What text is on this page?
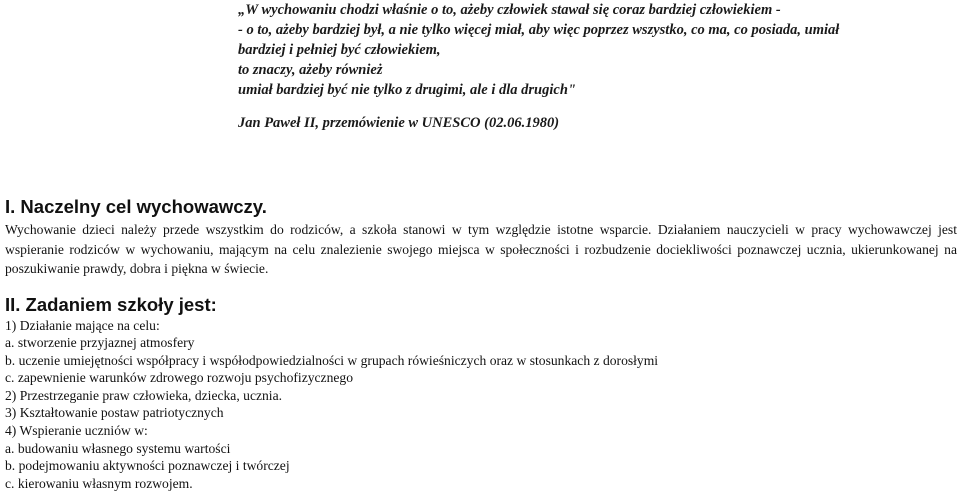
„W wychowaniu chodzi właśnie o to, ażeby człowiek stawał się coraz bardziej człowiekiem -
- o to, ażeby bardziej był, a nie tylko więcej miał, aby więc poprzez wszystko, co ma, co posiada, umiał
bardziej i pełniej być człowiekiem,
to znaczy, ażeby również
umiał bardziej być nie tylko z drugimi, ale i dla drugich"
Jan Paweł II, przemówienie w UNESCO (02.06.1980)
I. Naczelny cel wychowawczy.

Wychowanie dzieci należy przede wszystkim do rodziców, a szkoła stanowi w tym względzie istotne wsparcie. Działaniem nauczycieli w pracy wychowawczej jest wspieranie rodziców w wychowaniu, mającym na celu znalezienie swojego miejsca w społeczności i rozbudzenie dociekliwości poznawczej ucznia, ukierunkowanej na poszukiwanie prawdy, dobra i piękna w świecie.

II. Zadaniem szkoły jest:
1) Działanie mające na celu:
a. stworzenie przyjaznej atmosfery
b. uczenie umiejętności współpracy i współodpowiedzialności w grupach rówieśniczych oraz w stosunkach z dorosłymi
c. zapewnienie warunków zdrowego rozwoju psychofizycznego
2) Przestrzeganie praw człowieka, dziecka, ucznia.
3) Kształtowanie postaw patriotycznych
4) Wspieranie uczniów w:
a. budowaniu własnego systemu wartości
b. podejmowaniu aktywności poznawczej i twórczej
c. kierowaniu własnym rozwojem.
